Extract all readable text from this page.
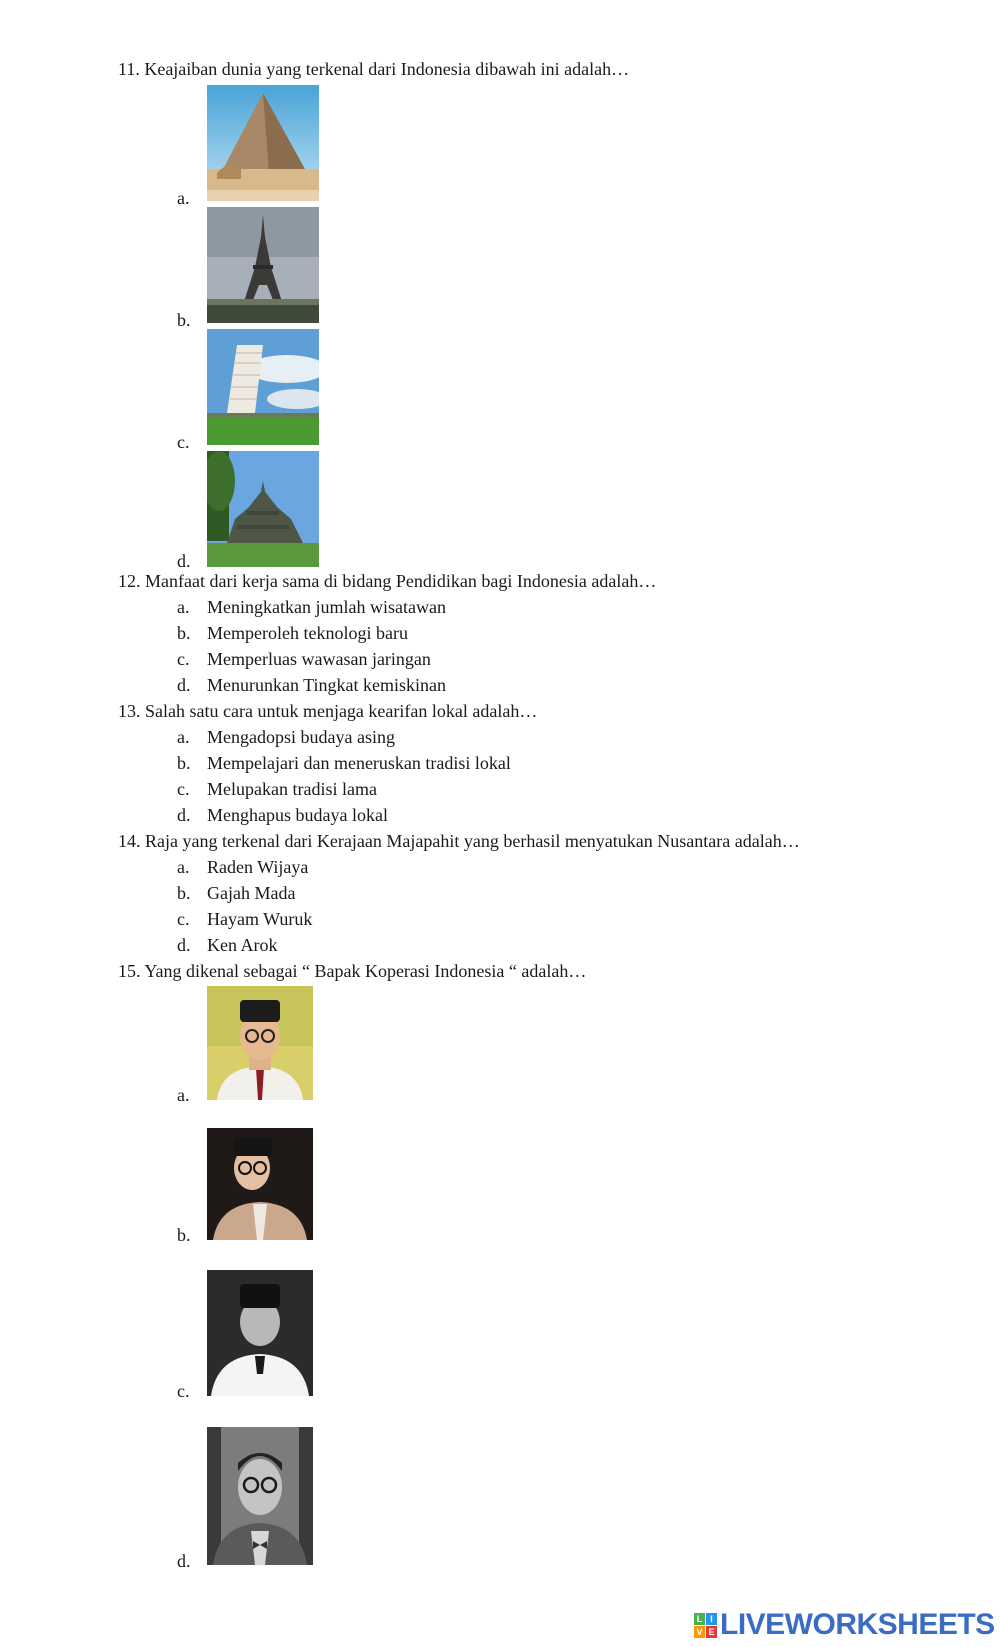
11. Keajaiban dunia yang terkenal dari Indonesia dibawah ini adalah…
a.
b.
c.
d.
12. Manfaat dari kerja sama di bidang Pendidikan bagi Indonesia adalah…
a. Meningkatkan jumlah wisatawan
b. Memperoleh teknologi baru
c. Memperluas wawasan jaringan
d. Menurunkan Tingkat kemiskinan
13. Salah satu cara untuk menjaga kearifan lokal adalah…
a. Mengadopsi budaya asing
b. Mempelajari dan meneruskan tradisi lokal
c. Melupakan tradisi lama
d. Menghapus budaya lokal
14. Raja yang terkenal dari Kerajaan Majapahit yang berhasil menyatukan Nusantara adalah…
a. Raden Wijaya
b. Gajah Mada
c. Hayam Wuruk
d. Ken Arok
15. Yang dikenal sebagai “ Bapak Koperasi Indonesia “ adalah…
a.
b.
c.
d.
L I
V E LIVEWORKSHEETS
